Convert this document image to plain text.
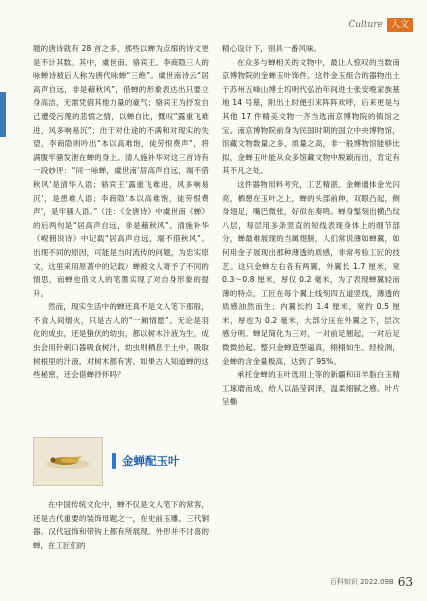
Culture 人文

题的唐诗就有 28 首之多，那些以蝉为点缀的诗文更是不计其数。其中，虞世南、骆宾王、李商隐三人的咏蝉诗被后人称为唐代咏蝉“三绝”。虞世南诗云“居高声自远，非是藉秋风”，借蝉的形象表达出只要立身高洁，无需凭借其他力量的豪气；骆宾王为抒发自己遭受污蔑的悲愤之情，以蝉自比，慨叹“露重飞难进，风多响易沉”；出于对仕途的不满和对现实的失望，李商隐则吟出“本以高难饱，徒劳恨费声”，将满腹牢骚发泄在蝉的身上。清人施补华对这三首诗有一段妙评：“同一咏蝉，虞世南‘居高声自远，端不借秋风’是清华人语；骆宾王‘露重飞难进，风多响易沉’，是患难人语；李商隐‘本以高难饱，徒劳恨费声’，是牢骚人语。”（注：《全唐诗》中虞世南《蝉》的后两句是“居高声自远，非是藉秋风”。清施补华《岘佣说诗》中记载“居高声自远，端不借秋风”。出现不同的原因，可能是当时流传的问题，为忠实原文，这里采用原著中的记载）蝉被文人寄予了不同的情思，而蝉也借文人的笔墨实现了对自身形象的提升。

然而，现实生活中的蝉还真不是文人笔下那般，不食人间烟火，只是古人的“一厢情愿”。无论是羽化的成虫，还是蛰伏的幼虫，都以树木汁液为生，成虫会用针刺口器吸食树汁，幼虫则栖息于土中，吸取树根里的汁液，对树木都有害。如果古人知道蝉的这些秘密，还会借蝉抒怀吗？

金蝉配玉叶

在中国传统文化中，蝉不仅是文人笔下的常客，还是古代重要的装饰母题之一，在史前玉雕、三代铜器、汉代冠饰和带钩上都有所展现。外形并不讨喜的蝉，在工匠们的

精心设计下，别具一番风味。

在众多与蝉相关的文物中，最让人惊叹的当数南京博物院的金蝉玉叶饰件。这件金玉组合的器物出土于苏州五峰山博士坞明代弘治年间进士张安晚家族墓地 14 号墓，附出土时便引来阵阵欢呼，后来更是与其他 17 件精美文物一齐当选南京博物院的镇馆之宝。南京博物院前身为民国时期的国立中央博物馆，馆藏文物数量之多，质量之高，非一般博物馆能够比拟，金蝉玉叶能从众多馆藏文物中脱颖而出，肯定有其不凡之处。

这件器物用料考究，工艺精湛。金蝉通体金光闪亮，栖憩在玉叶之上，蝉的头部前伸，双眼凸起，侧身翅足，嘴巴微张，好似在奏鸣。蝉身錾刻出横凸纹八层，每层用多条竖直的短线表现身体上的细节部分，蝉最难展现的当属翅膀，人们常说薄如蝉翼，如何用金子展现出那种薄透的质感，非常考验工匠的技艺。这只金蝉左右各有两翼，外翼长 1.7 厘米，宽 0.3～0.8 厘米，厚仅 0.2 毫米，为了表现蝉翼轻而薄的特点，工匠在每个翼上线刻四五道竖线，薄透的质感油然而生；内翼长约 1.4 厘米，宽约 0.5 厘米，厚也为 0.2 毫米，大部分压在外翼之下，层次感分明。蝉足简化为三对，一对前足翘起，一对后足微微抬起。整只金蝉造型逼真，栩栩如生。经检测，金蝉的含金量极高，达到了 95%。

承托金蝉的玉叶选用上等的新疆和田羊脂白玉精工琢磨而成，给人以晶莹润泽，温柔细腻之感。叶片呈椭

百科知识 2022.09B 63
